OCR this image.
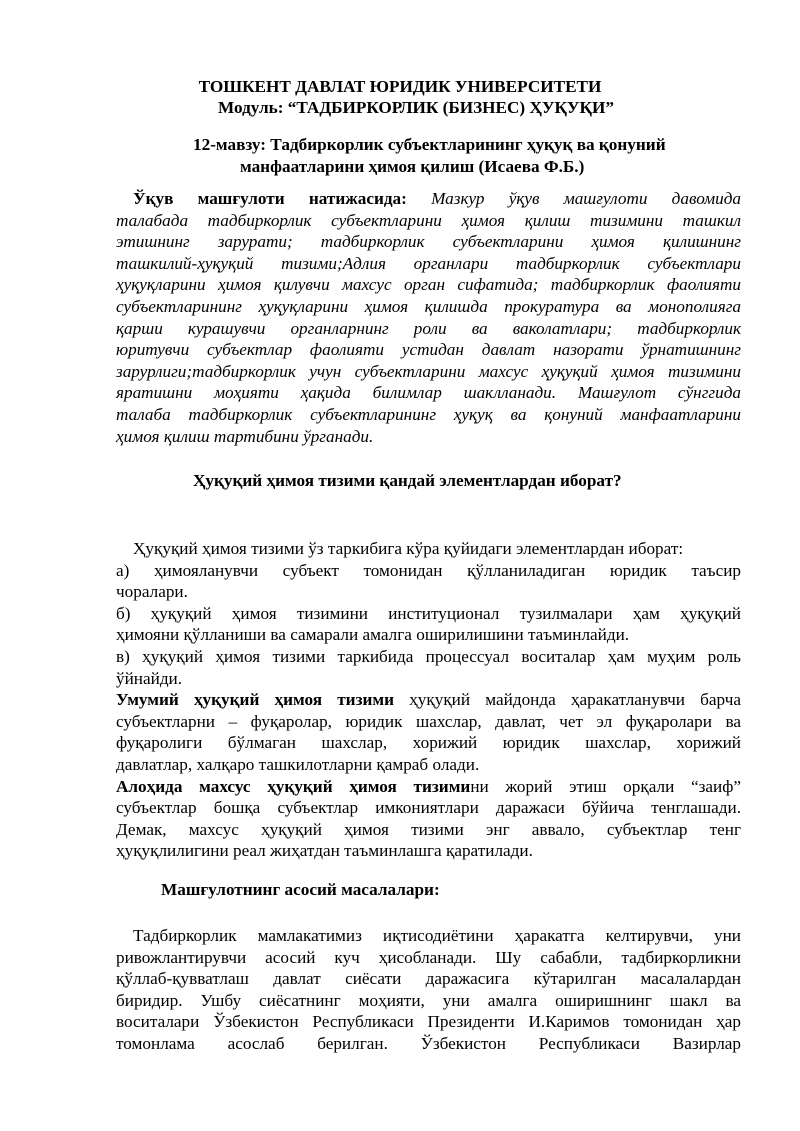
ТОШКЕНТ ДАВЛАТ ЮРИДИК УНИВЕРСИТЕТИ
Модуль: “ТАДБИРКОРЛИК (БИЗНЕС) ҲУҚУҚИ”
12-мавзу: Тадбиркорлик субъектларининг ҳуқуқ ва қонуний
манфаатларини ҳимоя қилиш (Исаева Ф.Б.)
Ўқув машғулоти натижасида: Мазкур ўқув машғулоти давомида
талабада тадбиркорлик субъектларини ҳимоя қилиш тизимини ташкил
этишнинг зарурати; тадбиркорлик субъектларини ҳимоя қилишнинг
ташкилий-ҳуқуқий тизими;Адлия органлари тадбиркорлик субъектлари
ҳуқуқларини ҳимоя қилувчи махсус орган сифатида; тадбиркорлик фаолияти
субъектларининг ҳуқуқларини ҳимоя қилишда прокуратура ва монополияга
қарши курашувчи органларнинг роли ва ваколатлари; тадбиркорлик
юритувчи субъектлар фаолияти устидан давлат назорати ўрнатишнинг
зарурлиги;тадбиркорлик учун субъектларини махсус ҳуқуқий ҳимоя тизимини
яратишни моҳияти ҳақида билимлар шаклланади. Машғулот сўнггида
талаба тадбиркорлик субъектларининг ҳуқуқ ва қонуний манфаатларини
ҳимоя қилиш тартибини ўрганади.
Ҳуқуқий ҳимоя тизими қандай элементлардан иборат?
Ҳуқуқий ҳимоя тизими ўз таркибига кўра қуйидаги элементлардан иборат:
а) ҳимояланувчи субъект томонидан қўлланиладиган юридик таъсир
чоралари.
б) ҳуқуқий ҳимоя тизимини институционал тузилмалари ҳам ҳуқуқий
ҳимояни қўлланиши ва самарали амалга оширилишини таъминлайди.
в) ҳуқуқий ҳимоя тизими таркибида процессуал воситалар ҳам муҳим роль
ўйнайди.
Умумий ҳуқуқий ҳимоя тизими ҳуқуқий майдонда ҳаракатланувчи барча
субъектларни – фуқаролар, юридик шахслар, давлат, чет эл фуқаролари ва
фуқаролиги бўлмаган шахслар, хорижий юридик шахслар, хорижий
давлатлар, халқаро ташкилотларни қамраб олади.
Алоҳида махсус ҳуқуқий ҳимоя тизимини жорий этиш орқали “заиф”
субъектлар бошқа субъектлар имкониятлари даражаси бўйича тенглашади.
Демак, махсус ҳуқуқий ҳимоя тизими энг аввало, субъектлар тенг
ҳуқуқлилигини реал жиҳатдан таъминлашга қаратилади.
Машғулотнинг асосий масалалари:
Тадбиркорлик мамлакатимиз иқтисодиётини ҳаракатга келтирувчи, уни
ривожлантирувчи асосий куч ҳисобланади. Шу сабабли, тадбиркорликни
қўллаб-қувватлаш давлат сиёсати даражасига кўтарилган масалалардан
биридир. Ушбу сиёсатнинг моҳияти, уни амалга оширишнинг шакл ва
воситалари Ўзбекистон Республикаси Президенти И.Каримов томонидан ҳар
томонлама асослаб берилган. Ўзбекистон Республикаси Вазирлар
